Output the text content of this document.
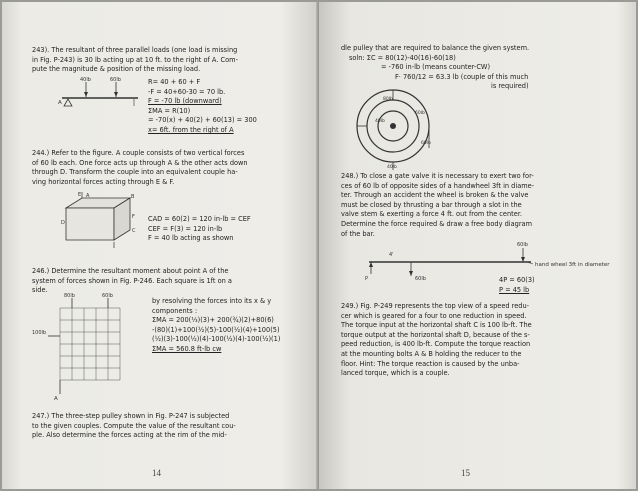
243). The resultant of three parallel loads (one load is missing
in Fig. P-243) is 30 lb acting up at 10 ft. to the right of A. Com-
pute the magnitude & position of the missing load.
40lb	60lb
A
R= 40 + 60 + F
-F = 40+60-30 = 70 lb.
F = -70 lb (downward)
ΣMA = R(10)
= -70(x) + 40(2) + 60(13) = 300
x= 6ft. from the right of A
244.) Refer to the figure. A couple consists of two vertical forces
of 60 lb each. One force acts up through A & the other acts down
through D. Transform the couple into an equivalent couple ha-
ving horizontal forces acting through E & F.
E A	B
F
C
D	CAD = 60(2) = 120 in-lb = CEF
CEF = F(3) = 120 in-lb
F = 40 lb acting as shown
246.) Determine the resultant moment about point A of the
system of forces shown in Fig. P-246. Each square is 1ft on a
side.
80lb	60lb
100lb
A
by resolving the forces into its x & y
components :
ΣMA = 200(⅓)(3)+ 200(¾)(2)+80(6)
-(80)(1)+100(½)(5)-100(½)(4)+100(5)
(½)(3)-100(½)(4)-100(½)(4)-100(½)(1)
ΣMA = 560.8 ft-lb cw
247.) The three-step pulley shown in Fig. P-247 is subjected
to the given couples. Compute the value of the resultant cou-
ple. Also determine the forces acting at the rim of the mid-
14
dle pulley that are required to balance the given system.
soln: ΣC = 80(12)-40(16)-60(18)
= -760 in-lb (means counter-CW)
F· 760/12 = 63.3 lb (couple of this much
is required)
80lb
40lb
60lb
60lb
40lb
248.) To close a gate valve it is necessary to exert two for-
ces of 60 lb of opposite sides of a handwheel 3ft in diame-
ter. Through an accident the wheel is broken & the valve
must be closed by thrusting a bar through a slot in the
valve stem & exerting a force 4 ft. out from the center.
Determine the force required & draw a free body diagram
of the bar.
60lb
P	60lb
4'
hand wheel 3ft in diameter
4P = 60(3)
P = 45 lb
249.) Fig. P-249 represents the top view of a speed redu-
cer which is geared for a four to one reduction in speed.
The torque input at the horizontal shaft C is 100 lb-ft. The
torque output at the horizontal shaft D, because of the s-
peed reduction, is 400 lb-ft. Compute the torque reaction
at the mounting bolts A & B holding the reducer to the
floor. Hint: The torque reaction is caused by the unba-
lanced torque, which is a couple.
15
